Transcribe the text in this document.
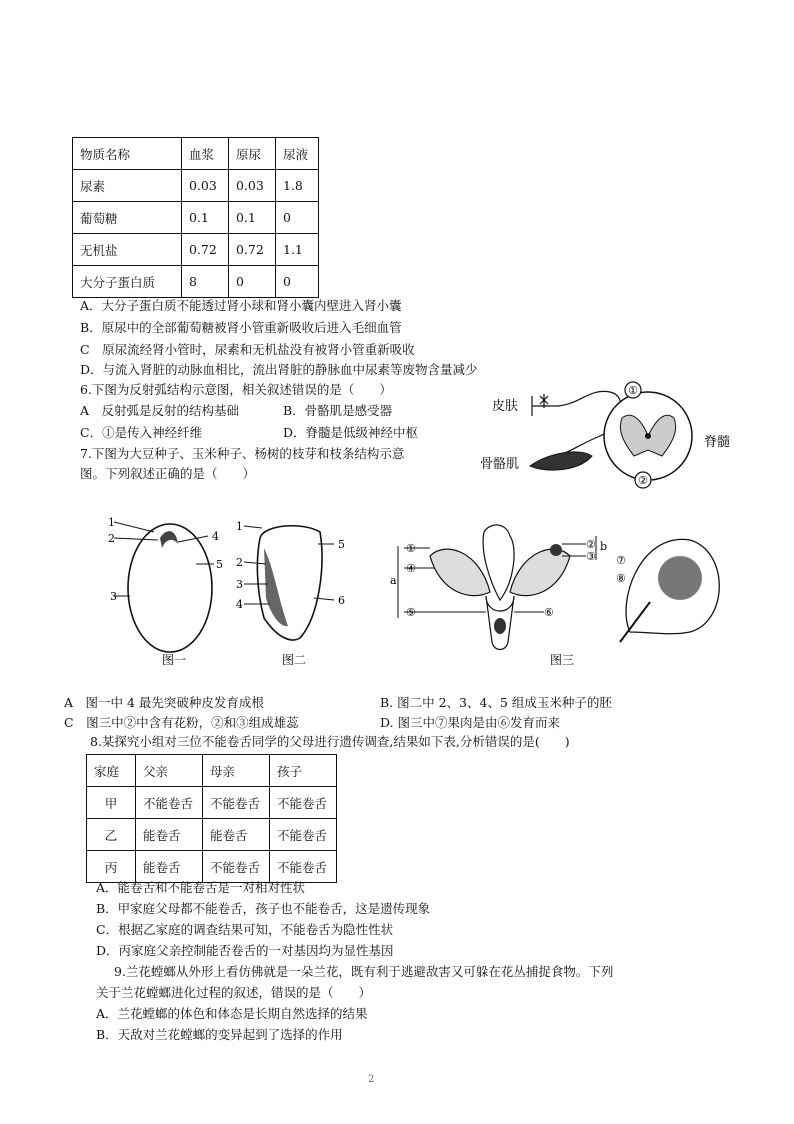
物质名称	血浆	原尿	尿液
尿素	0.03	0.03	1.8
葡萄糖	0.1	0.1	0
无机盐	0.72	0.72	1.1
大分子蛋白质	8	0	0
A．大分子蛋白质不能透过肾小球和肾小囊内壁进入肾小囊
B．原尿中的全部葡萄糖被肾小管重新吸收后进入毛细血管
C　原尿流经肾小管时，尿素和无机盐没有被肾小管重新吸收
D．与流入肾脏的动脉血相比，流出肾脏的静脉血中尿素等废物含量减少
6.下图为反射弧结构示意图，相关叙述错误的是（　　）
A　反射弧是反射的结构基础	B．骨骼肌是感受器
C．①是传入神经纤维	D．脊髓是低级神经中枢
①
②
皮肤
骨骼肌
脊髓
7.下图为大豆种子、玉米种子、杨树的枝芽和枝条结构示意
图。下列叙述正确的是（　　）
1
2
3
4
5
图一
1
2
3
4
5
6
图二
①	②
③
④
⑤	⑥
a
b
⑦
⑧
图三
A　图一中 4 最先突破种皮发育成根	B. 图二中 2、3、4、5 组成玉米种子的胚
C　图三中②中含有花粉，②和③组成雄蕊	D. 图三中⑦果肉是由⑥发育而来
8.某探究小组对三位不能卷舌同学的父母进行遗传调查,结果如下表,分析错误的是(　　)
家庭	父亲	母亲	孩子
甲	不能卷舌	不能卷舌	不能卷舌
乙	能卷舌	能卷舌	不能卷舌
丙	能卷舌	不能卷舌	不能卷舌
A．能卷舌和不能卷舌是一对相对性状
B．甲家庭父母都不能卷舌，孩子也不能卷舌，这是遗传现象
C．根据乙家庭的调查结果可知，不能卷舌为隐性性状
D．丙家庭父亲控制能否卷舌的一对基因均为显性基因
9.兰花螳螂从外形上看仿佛就是一朵兰花，既有利于逃避敌害又可躲在花丛捕捉食物。下列
关于兰花螳螂进化过程的叙述，错误的是（　　）
A．兰花螳螂的体色和体态是长期自然选择的结果
B．天敌对兰花螳螂的变异起到了选择的作用
2
